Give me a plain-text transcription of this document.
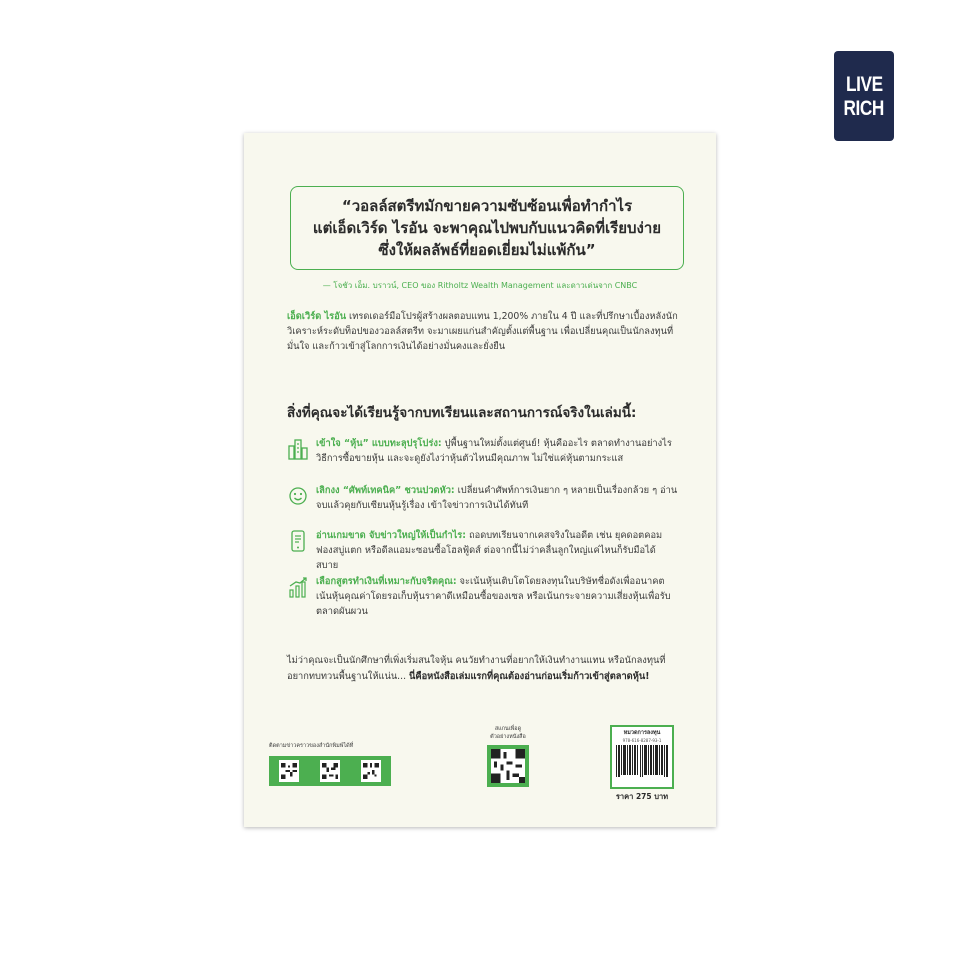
LIVE
RICH
“วอลล์สตรีทมักขายความซับซ้อนเพื่อทำกำไร
แต่เอ็ดเวิร์ด ไรอัน จะพาคุณไปพบกับแนวคิดที่เรียบง่าย
ซึ่งให้ผลลัพธ์ที่ยอดเยี่ยมไม่แพ้กัน”
— โจชัว เอ็ม. บราวน์, CEO ของ Ritholtz Wealth Management และดาวเด่นจาก CNBC
เอ็ดเวิร์ด ไรอัน เทรดเดอร์มือโปรผู้สร้างผลตอบแทน 1,200% ภายใน 4 ปี และที่ปรึกษาเบื้องหลังนักวิเคราะห์ระดับท็อปของวอลล์สตรีท จะมาเผยแก่นสำคัญตั้งแต่พื้นฐาน เพื่อเปลี่ยนคุณเป็นนักลงทุนที่มั่นใจ และก้าวเข้าสู่โลกการเงินได้อย่างมั่นคงและยั่งยืน
สิ่งที่คุณจะได้เรียนรู้จากบทเรียนและสถานการณ์จริงในเล่มนี้:
เข้าใจ “หุ้น” แบบทะลุปรุโปร่ง: ปูพื้นฐานใหม่ตั้งแต่ศูนย์! หุ้นคืออะไร ตลาดทำงานอย่างไร วิธีการซื้อขายหุ้น และจะดูยังไงว่าหุ้นตัวไหนมีคุณภาพ ไม่ใช่แค่หุ้นตามกระแส
เลิกงง “ศัพท์เทคนิค” ชวนปวดหัว: เปลี่ยนคำศัพท์การเงินยาก ๆ หลายเป็นเรื่องกล้วย ๆ อ่านจบแล้วคุยกับเซียนหุ้นรู้เรื่อง เข้าใจข่าวการเงินได้ทันที
อ่านเกมขาด จับข่าวใหญ่ให้เป็นกำไร: ถอดบทเรียนจากเคสจริงในอดีต เช่น ยุคดอตคอม ฟองสบู่แตก หรือดีลแอมะซอนซื้อโฮลฟู้ดส์ ต่อจากนี้ไม่ว่าคลื่นลูกใหญ่แค่ไหนก็รับมือได้สบาย
เลือกสูตรทำเงินที่เหมาะกับจริตคุณ: จะเน้นหุ้นเติบโตโดยลงทุนในบริษัทชื่อดังเพื่ออนาคต เน้นหุ้นคุณค่าโดยรอเก็บหุ้นราคาดีเหมือนซื้อของเซล หรือเน้นกระจายความเสี่ยงหุ้นเพื่อรับตลาดผันผวน
ไม่ว่าคุณจะเป็นนักศึกษาที่เพิ่งเริ่มสนใจหุ้น คนวัยทำงานที่อยากให้เงินทำงานแทน หรือนักลงทุนที่อยากทบทวนพื้นฐานให้แน่น... นี่คือหนังสือเล่มแรกที่คุณต้องอ่านก่อนเริ่มก้าวเข้าสู่ตลาดหุ้น!
ติดตามข่าวคราวของสำนักพิมพ์ได้ที่
สแกนเพื่อดู
ตัวอย่างหนังสือ
หมวดการลงทุน
978-616-8287-93-1
ราคา 275 บาท
